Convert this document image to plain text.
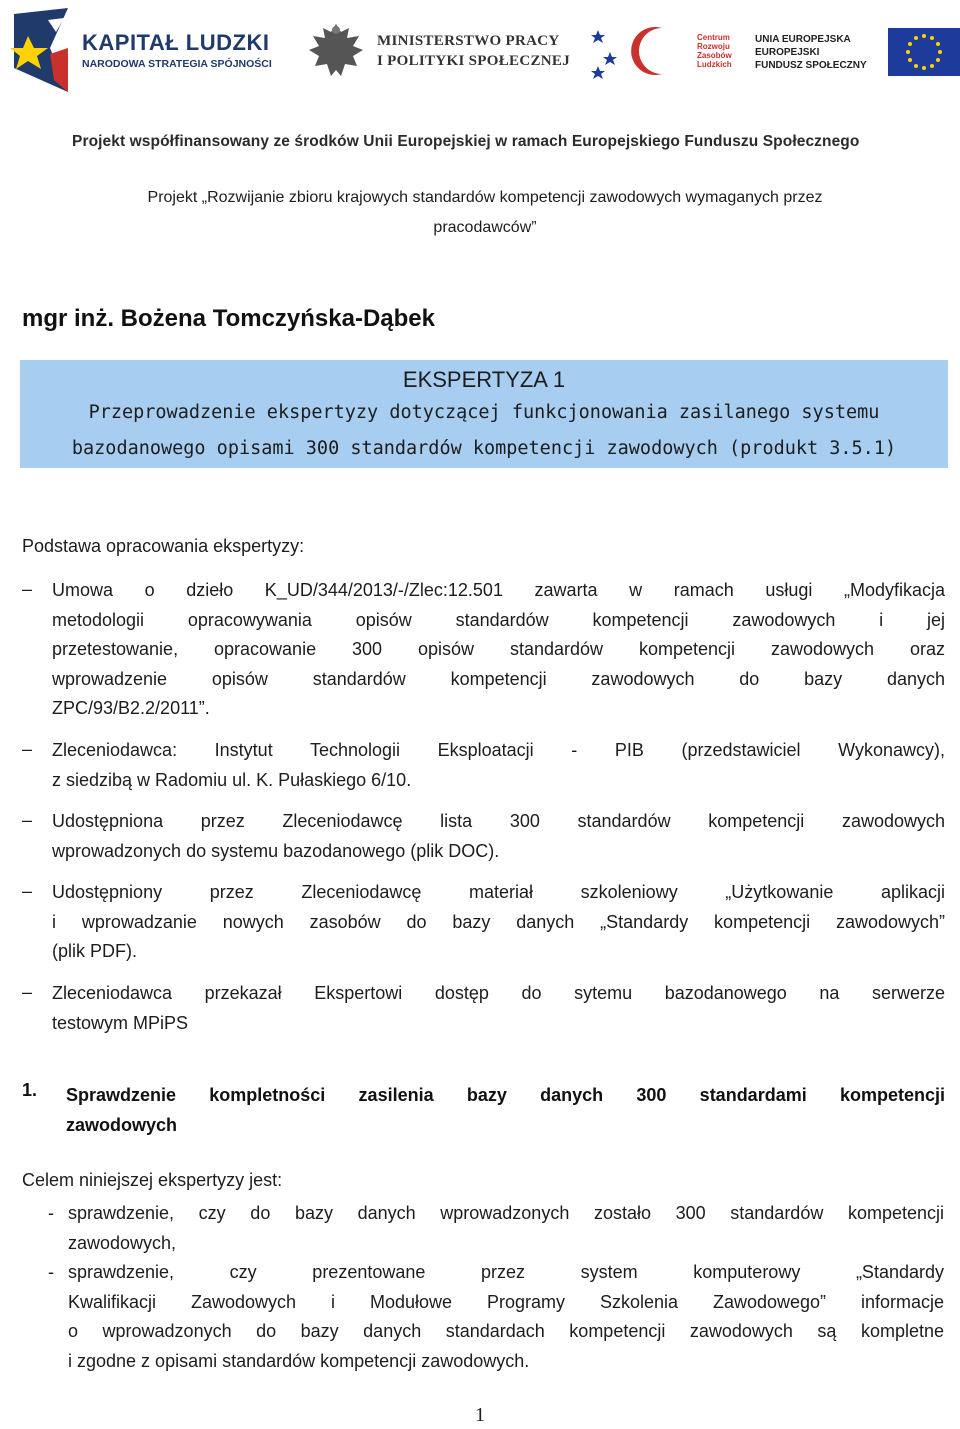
KAPITAŁ LUDZKI
NARODOWA STRATEGIA SPÓJNOŚCI
MINISTERSTWO PRACY
I POLITYKI SPOŁECZNEJ
Centrum
Rozwoju
Zasobów
Ludzkich
UNIA EUROPEJSKA
EUROPEJSKI
FUNDUSZ SPOŁECZNY
Projekt współfinansowany ze środków Unii Europejskiej w ramach Europejskiego Funduszu Społecznego
Projekt „Rozwijanie zbioru krajowych standardów kompetencji zawodowych wymaganych przez
pracodawców”
mgr inż. Bożena Tomczyńska-Dąbek
EKSPERTYZA 1
Przeprowadzenie ekspertyzy dotyczącej funkcjonowania zasilanego systemu
bazodanowego opisami 300 standardów kompetencji zawodowych (produkt 3.5.1)
Podstawa opracowania ekspertyzy:
– Umowa o dzieło K_UD/344/2013/-/Zlec:12.501 zawarta w ramach usługi „Modyfikacja
metodologii opracowywania opisów standardów kompetencji zawodowych i jej
przetestowanie, opracowanie 300 opisów standardów kompetencji zawodowych oraz
wprowadzenie opisów standardów kompetencji zawodowych do bazy danych
ZPC/93/B2.2/2011”.
– Zleceniodawca: Instytut Technologii Eksploatacji - PIB (przedstawiciel Wykonawcy),
z siedzibą w Radomiu ul. K. Pułaskiego 6/10.
– Udostępniona przez Zleceniodawcę lista 300 standardów kompetencji zawodowych
wprowadzonych do systemu bazodanowego (plik DOC).
– Udostępniony przez Zleceniodawcę materiał szkoleniowy „Użytkowanie aplikacji
i wprowadzanie nowych zasobów do bazy danych „Standardy kompetencji zawodowych”
(plik PDF).
– Zleceniodawca przekazał Ekspertowi dostęp do sytemu bazodanowego na serwerze
testowym MPiPS
1. Sprawdzenie kompletności zasilenia bazy danych 300 standardami kompetencji
zawodowych
Celem niniejszej ekspertyzy jest:
- sprawdzenie, czy do bazy danych wprowadzonych zostało 300 standardów kompetencji
zawodowych,
- sprawdzenie, czy prezentowane przez system komputerowy „Standardy
Kwalifikacji Zawodowych i Modułowe Programy Szkolenia Zawodowego” informacje
o wprowadzonych do bazy danych standardach kompetencji zawodowych są kompletne
i zgodne z opisami standardów kompetencji zawodowych.
1
